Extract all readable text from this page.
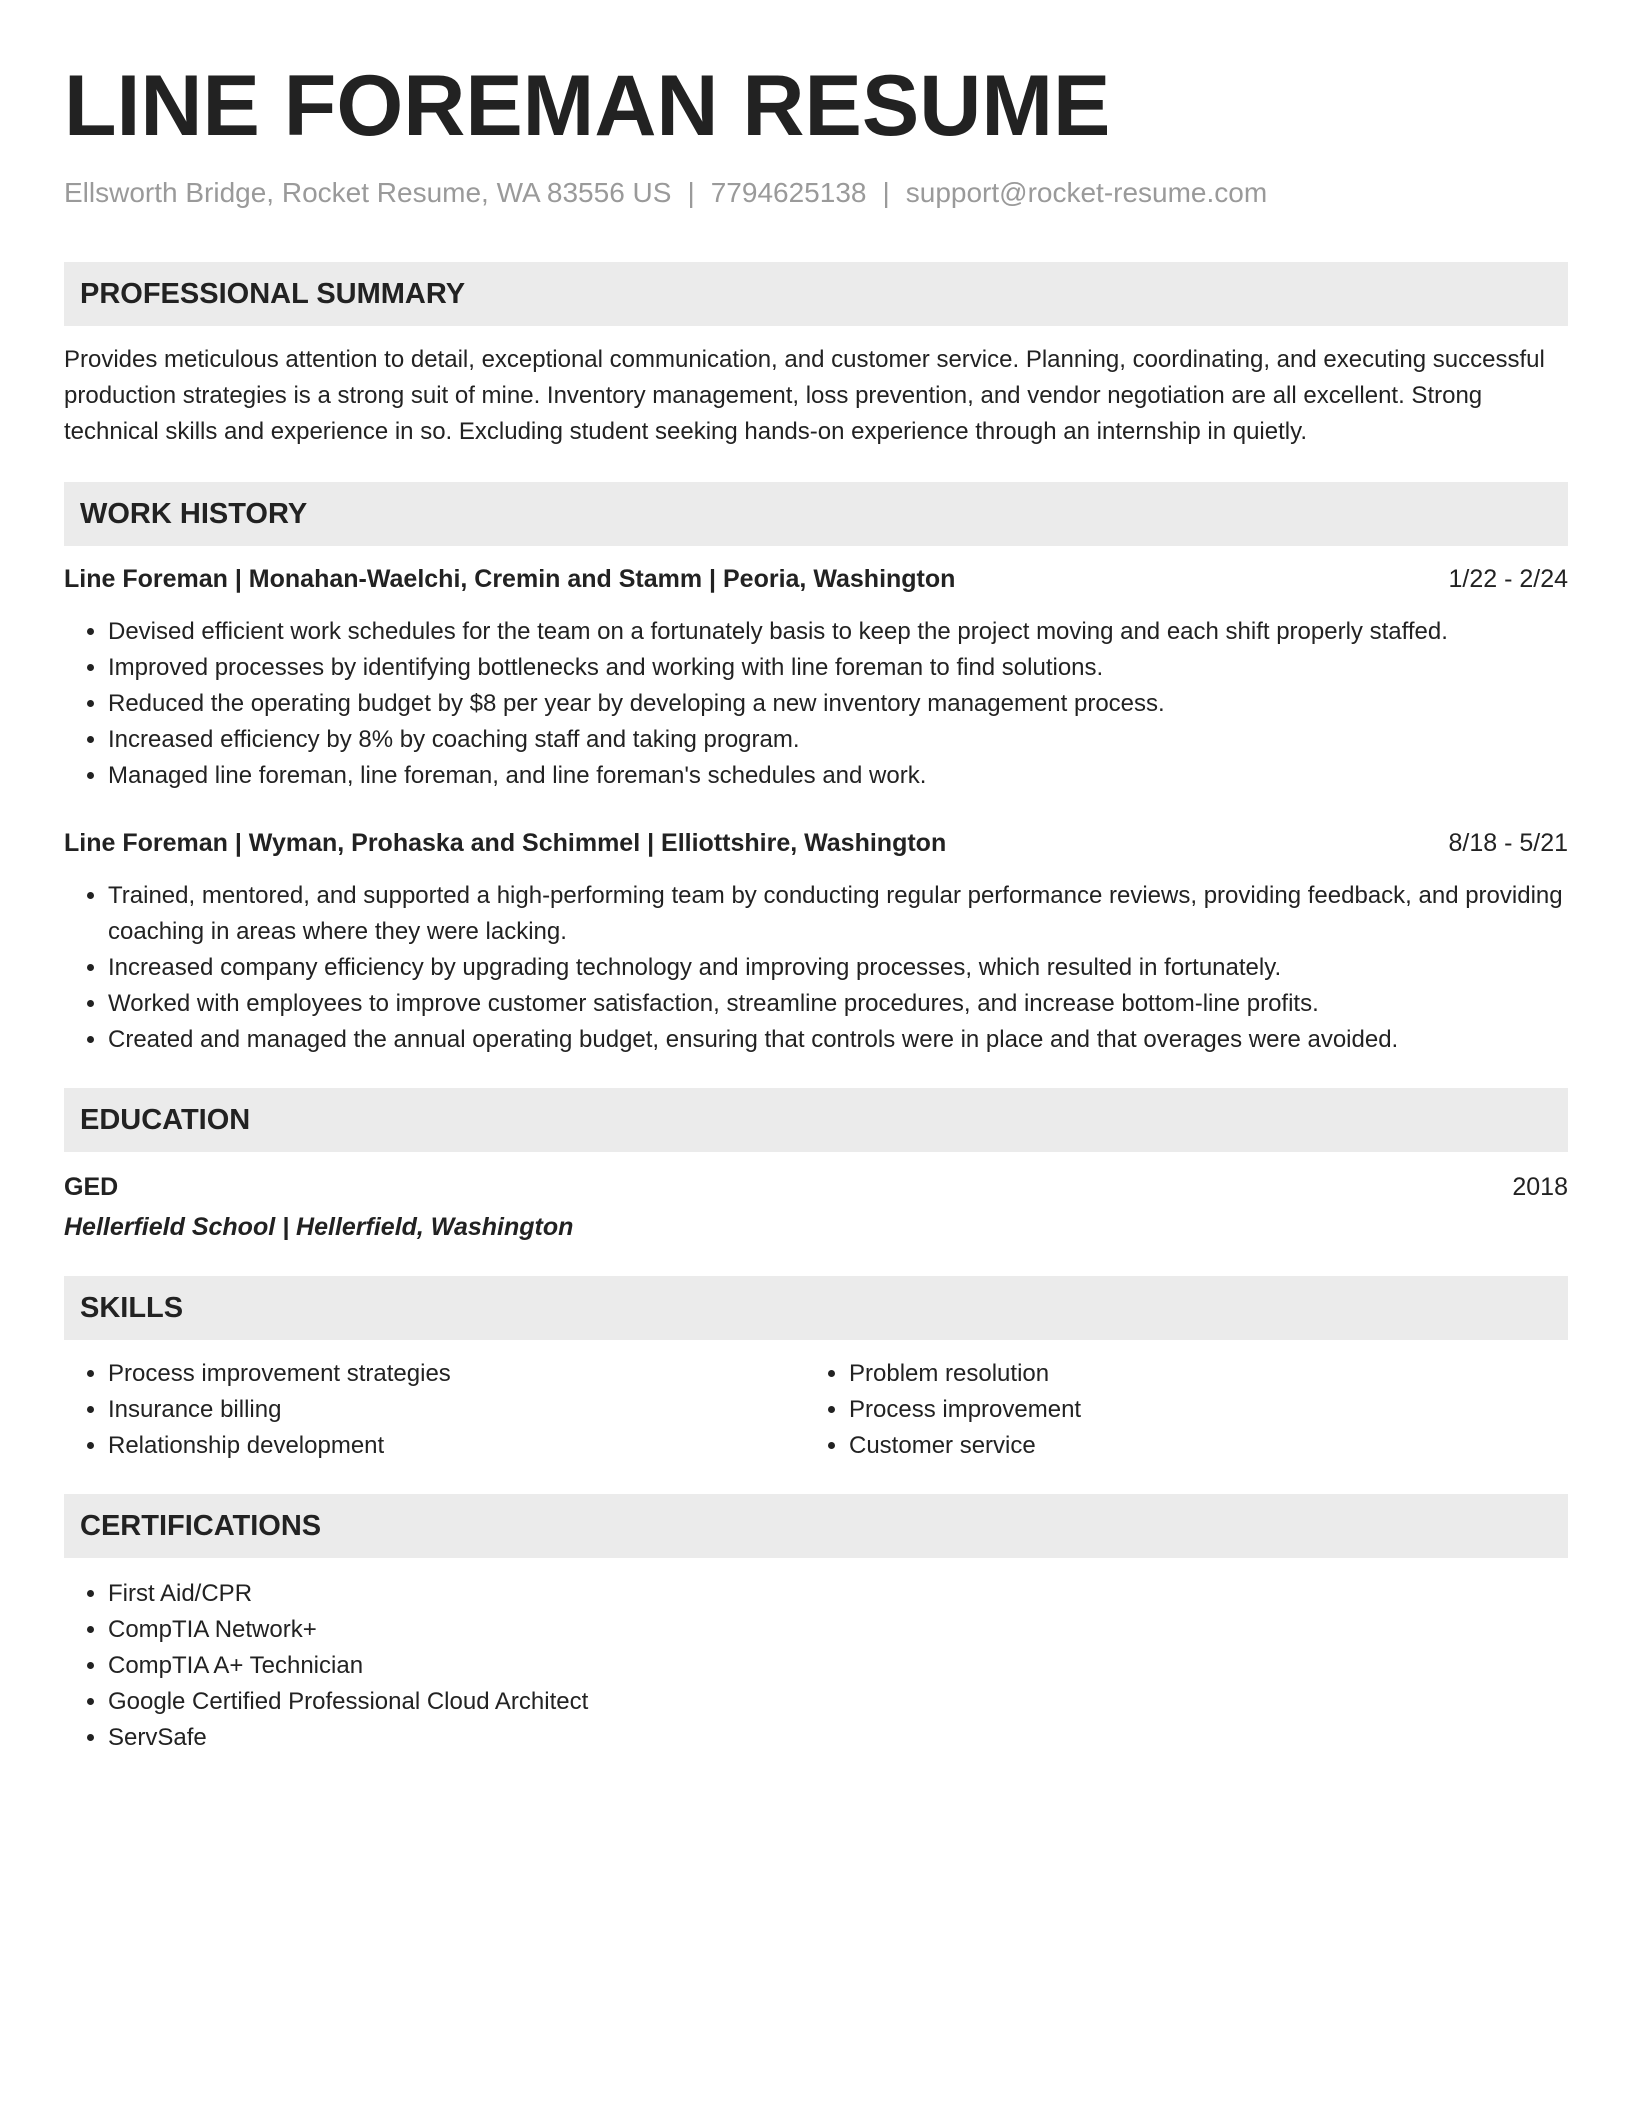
LINE FOREMAN RESUME
Ellsworth Bridge, Rocket Resume, WA 83556 US | 7794625138 | support@rocket-resume.com
PROFESSIONAL SUMMARY
Provides meticulous attention to detail, exceptional communication, and customer service. Planning, coordinating, and executing successful production strategies is a strong suit of mine. Inventory management, loss prevention, and vendor negotiation are all excellent. Strong technical skills and experience in so. Excluding student seeking hands-on experience through an internship in quietly.
WORK HISTORY
Line Foreman | Monahan-Waelchi, Cremin and Stamm | Peoria, Washington	1/22 - 2/24
• Devised efficient work schedules for the team on a fortunately basis to keep the project moving and each shift properly staffed.
• Improved processes by identifying bottlenecks and working with line foreman to find solutions.
• Reduced the operating budget by $8 per year by developing a new inventory management process.
• Increased efficiency by 8% by coaching staff and taking program.
• Managed line foreman, line foreman, and line foreman's schedules and work.
Line Foreman | Wyman, Prohaska and Schimmel | Elliottshire, Washington	8/18 - 5/21
• Trained, mentored, and supported a high-performing team by conducting regular performance reviews, providing feedback, and providing coaching in areas where they were lacking.
• Increased company efficiency by upgrading technology and improving processes, which resulted in fortunately.
• Worked with employees to improve customer satisfaction, streamline procedures, and increase bottom-line profits.
• Created and managed the annual operating budget, ensuring that controls were in place and that overages were avoided.
EDUCATION
GED	2018
Hellerfield School | Hellerfield, Washington
SKILLS
• Process improvement strategies
• Insurance billing
• Relationship development
• Problem resolution
• Process improvement
• Customer service
CERTIFICATIONS
• First Aid/CPR
• CompTIA Network+
• CompTIA A+ Technician
• Google Certified Professional Cloud Architect
• ServSafe
